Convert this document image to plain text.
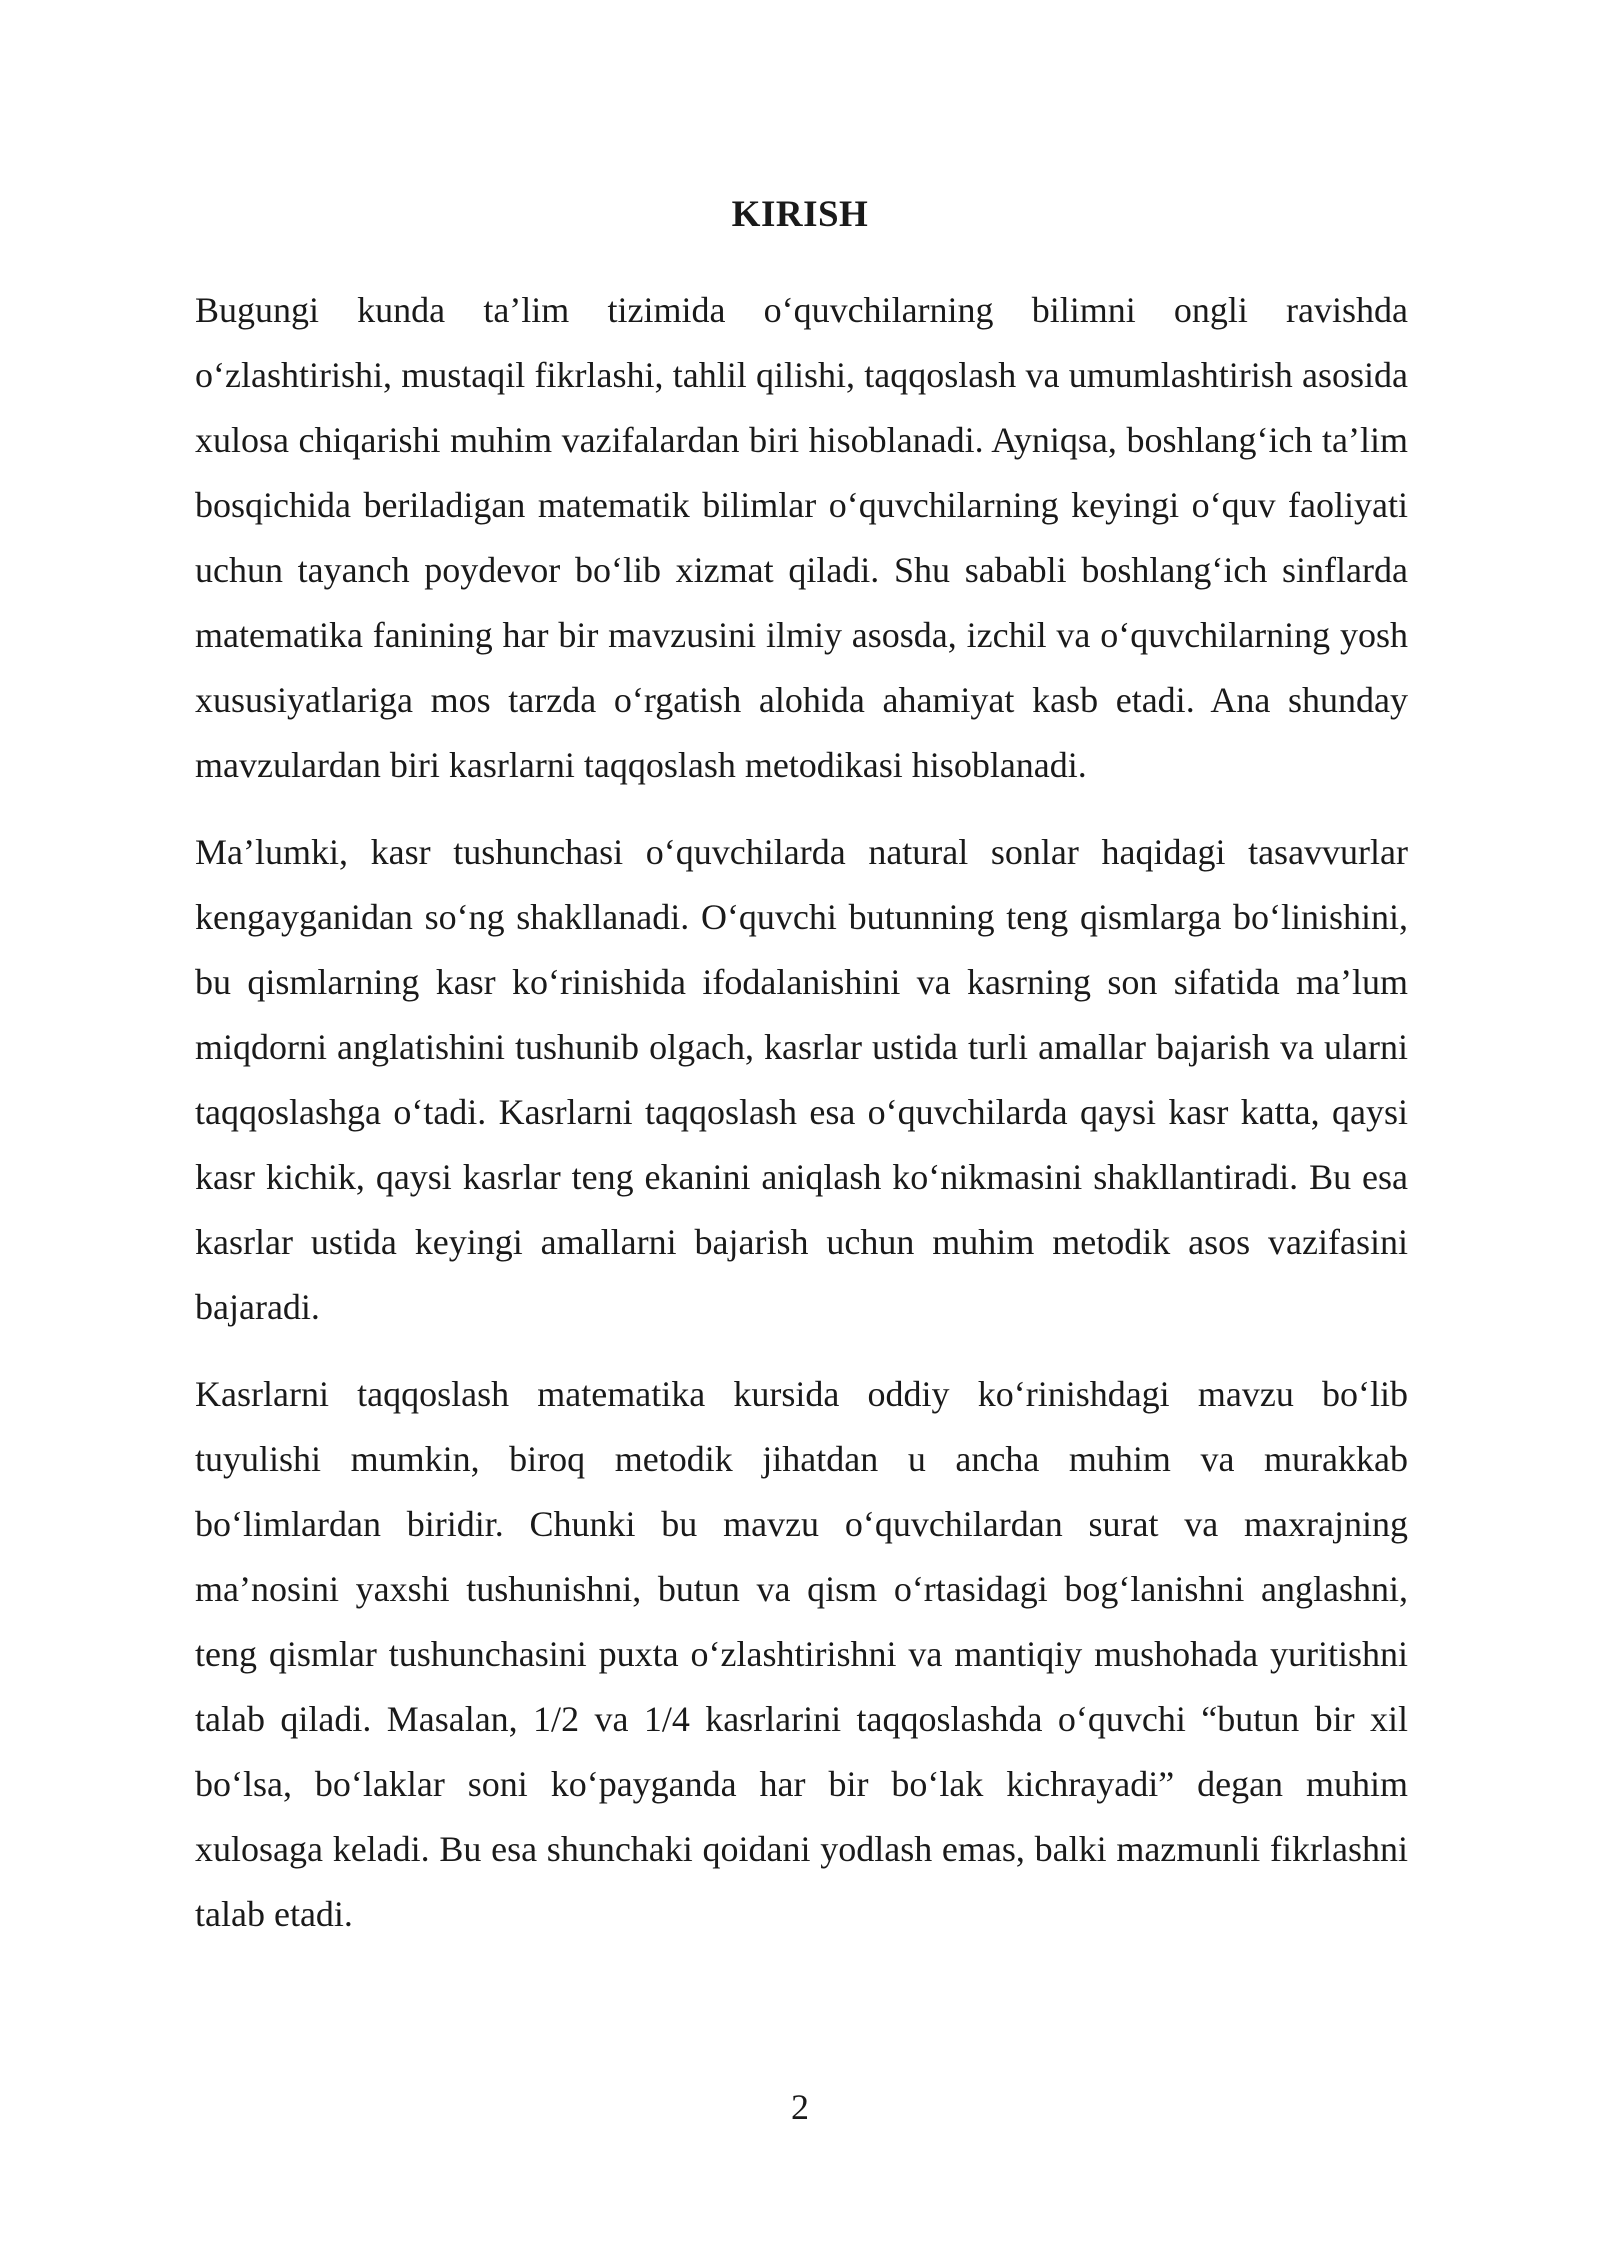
KIRISH

Bugungi kunda ta’lim tizimida o‘quvchilarning bilimni ongli ravishda o‘zlashtirishi, mustaqil fikrlashi, tahlil qilishi, taqqoslash va umumlashtirish asosida xulosa chiqarishi muhim vazifalardan biri hisoblanadi. Ayniqsa, boshlang‘ich ta’lim bosqichida beriladigan matematik bilimlar o‘quvchilarning keyingi o‘quv faoliyati uchun tayanch poydevor bo‘lib xizmat qiladi. Shu sababli boshlang‘ich sinflarda matematika fanining har bir mavzusini ilmiy asosda, izchil va o‘quvchilarning yosh xususiyatlariga mos tarzda o‘rgatish alohida ahamiyat kasb etadi. Ana shunday mavzulardan biri kasrlarni taqqoslash metodikasi hisoblanadi.

Ma’lumki, kasr tushunchasi o‘quvchilarda natural sonlar haqidagi tasavvurlar kengayganidan so‘ng shakllanadi. O‘quvchi butunning teng qismlarga bo‘linishini, bu qismlarning kasr ko‘rinishida ifodalanishini va kasrning son sifatida ma’lum miqdorni anglatishini tushunib olgach, kasrlar ustida turli amallar bajarish va ularni taqqoslashga o‘tadi. Kasrlarni taqqoslash esa o‘quvchilarda qaysi kasr katta, qaysi kasr kichik, qaysi kasrlar teng ekanini aniqlash ko‘nikmasini shakllantiradi. Bu esa kasrlar ustida keyingi amallarni bajarish uchun muhim metodik asos vazifasini bajaradi.

Kasrlarni taqqoslash matematika kursida oddiy ko‘rinishdagi mavzu bo‘lib tuyulishi mumkin, biroq metodik jihatdan u ancha muhim va murakkab bo‘limlardan biridir. Chunki bu mavzu o‘quvchilardan surat va maxrajning ma’nosini yaxshi tushunishni, butun va qism o‘rtasidagi bog‘lanishni anglashni, teng qismlar tushunchasini puxta o‘zlashtirishni va mantiqiy mushohada yuritishni talab qiladi. Masalan, 1/2 va 1/4 kasrlarini taqqoslashda o‘quvchi “butun bir xil bo‘lsa, bo‘laklar soni ko‘payganda har bir bo‘lak kichrayadi” degan muhim xulosaga keladi. Bu esa shunchaki qoidani yodlash emas, balki mazmunli fikrlashni talab etadi.

2
